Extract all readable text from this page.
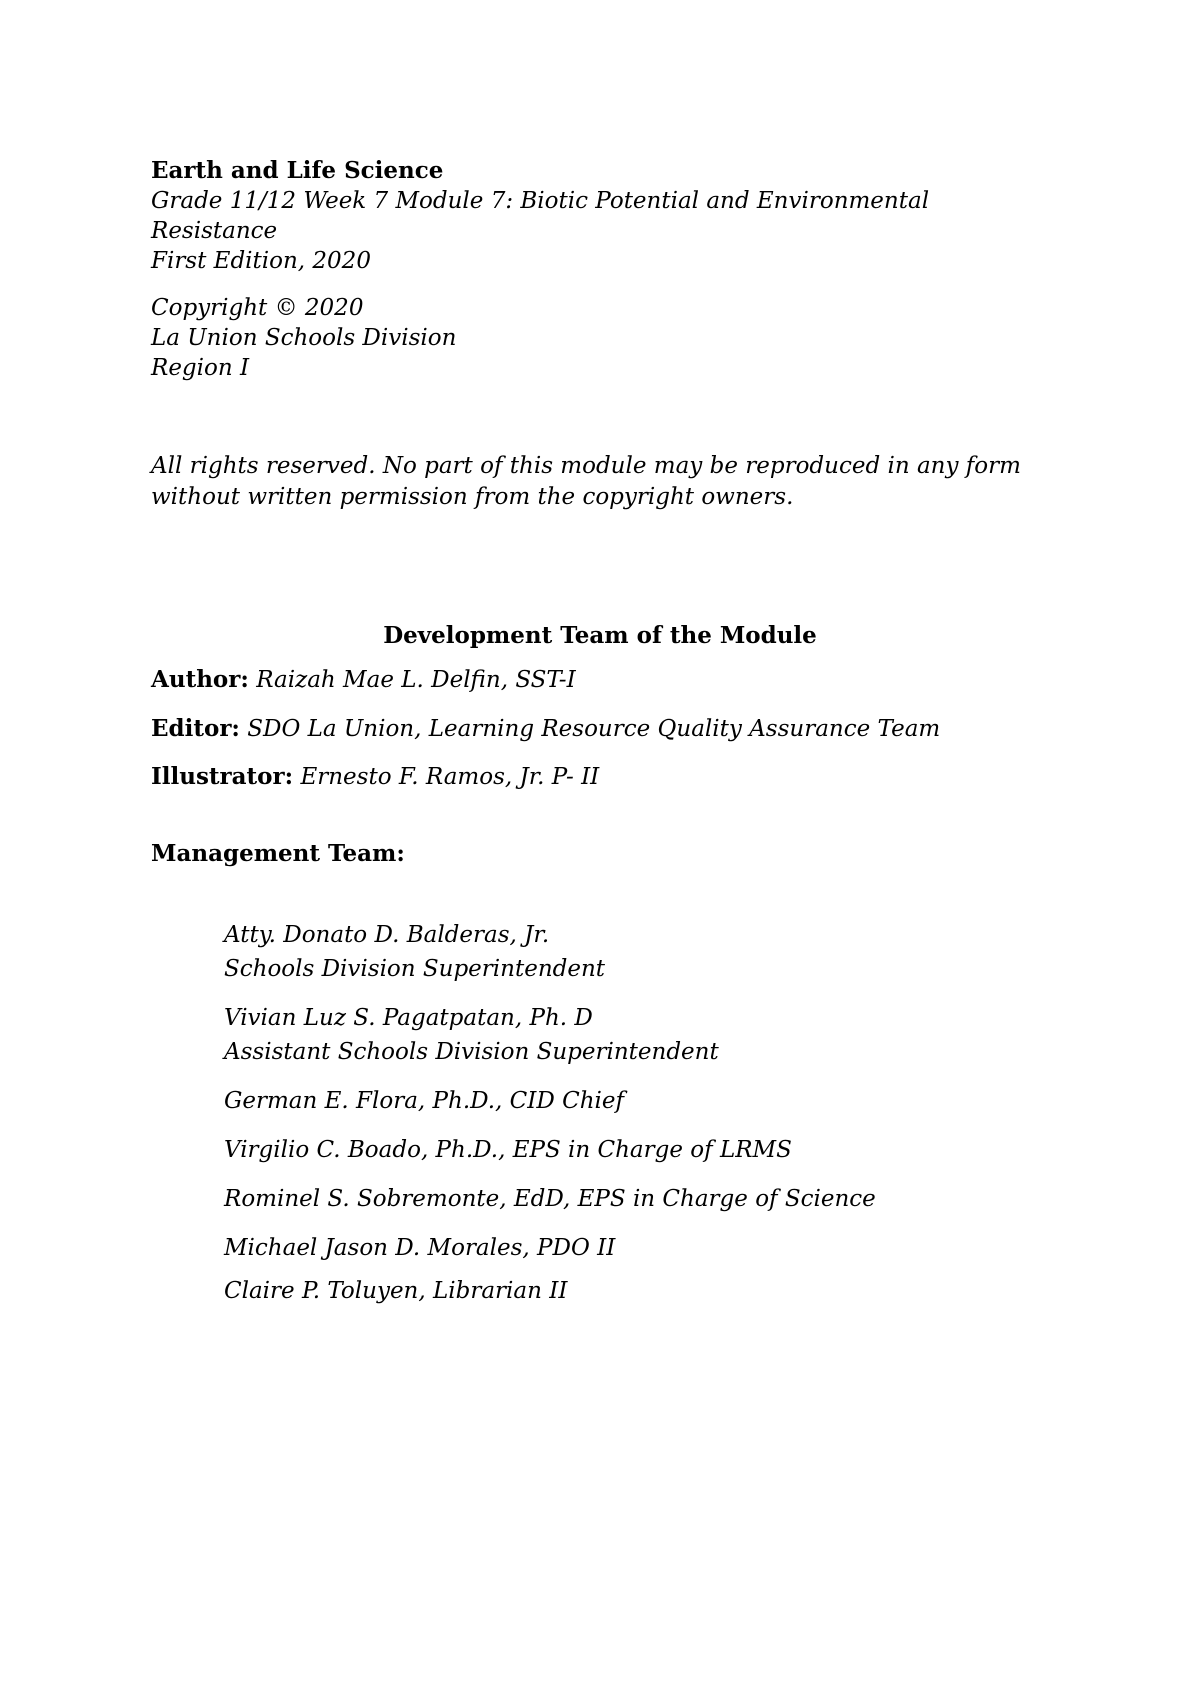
Earth and Life Science
Grade 11/12 Week 7 Module 7: Biotic Potential and Environmental
Resistance
First Edition, 2020
Copyright © 2020
La Union Schools Division
Region I
All rights reserved. No part of this module may be reproduced in any form
without written permission from the copyright owners.
Development Team of the Module
Author: Raizah Mae L. Delfin, SST-I
Editor: SDO La Union, Learning Resource Quality Assurance Team
Illustrator: Ernesto F. Ramos, Jr. P- II
Management Team:
Atty. Donato D. Balderas, Jr.
Schools Division Superintendent
Vivian Luz S. Pagatpatan, Ph. D
Assistant Schools Division Superintendent
German E. Flora, Ph.D., CID Chief
Virgilio C. Boado, Ph.D., EPS in Charge of LRMS
Rominel S. Sobremonte, EdD, EPS in Charge of Science
Michael Jason D. Morales, PDO II
Claire P. Toluyen, Librarian II
